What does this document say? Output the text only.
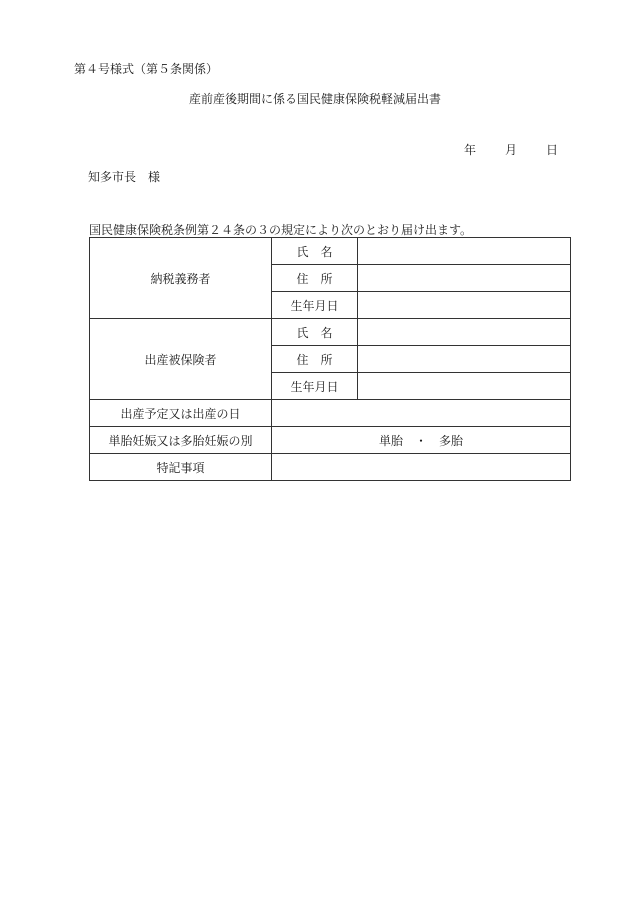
第４号様式（第５条関係）
産前産後期間に係る国民健康保険税軽減届出書
年	月	日
知多市長　様
国民健康保険税条例第２４条の３の規定により次のとおり届け出ます。
納税義務者	氏　名	
	住　所	
	生年月日	
出産被保険者	氏　名	
	住　所	
	生年月日	
出産予定又は出産の日		
単胎妊娠又は多胎妊娠の別	単胎　・　多胎	
特記事項		
